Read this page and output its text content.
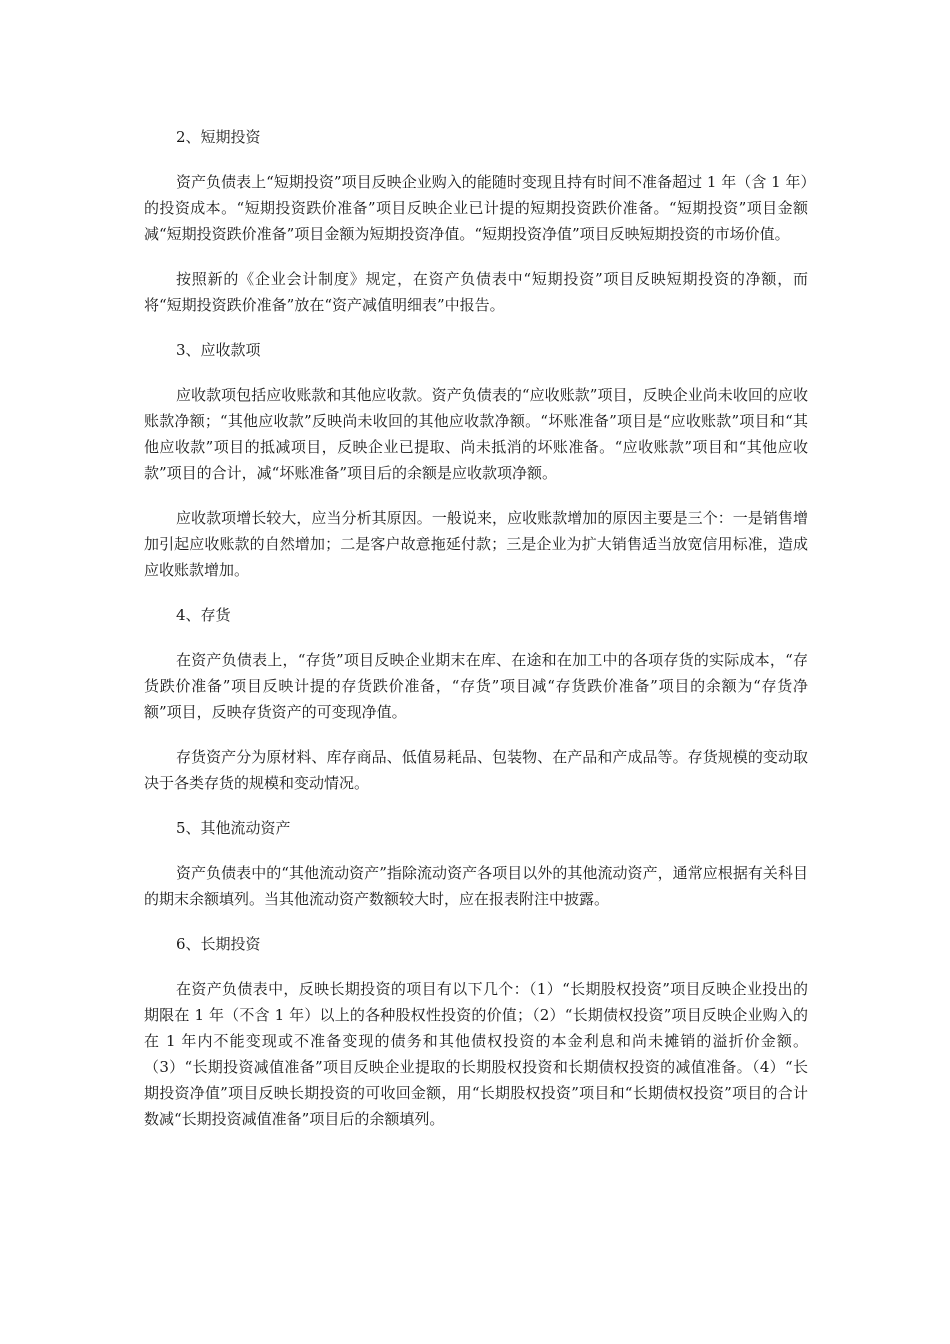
2、短期投资

资产负债表上“短期投资”项目反映企业购入的能随时变现且持有时间不准备超过 1 年（含 1 年）的投资成本。“短期投资跌价准备”项目反映企业已计提的短期投资跌价准备。“短期投资”项目金额减“短期投资跌价准备”项目金额为短期投资净值。“短期投资净值”项目反映短期投资的市场价值。

按照新的《企业会计制度》规定，在资产负债表中“短期投资”项目反映短期投资的净额，而将“短期投资跌价准备”放在“资产减值明细表”中报告。

3、应收款项

应收款项包括应收账款和其他应收款。资产负债表的“应收账款”项目，反映企业尚未收回的应收账款净额；“其他应收款”反映尚未收回的其他应收款净额。“坏账准备”项目是“应收账款”项目和“其他应收款”项目的抵减项目，反映企业已提取、尚未抵消的坏账准备。“应收账款”项目和“其他应收款”项目的合计，减“坏账准备”项目后的余额是应收款项净额。

应收款项增长较大，应当分析其原因。一般说来，应收账款增加的原因主要是三个：一是销售增加引起应收账款的自然增加；二是客户故意拖延付款；三是企业为扩大销售适当放宽信用标准，造成应收账款增加。

4、存货

在资产负债表上，“存货”项目反映企业期末在库、在途和在加工中的各项存货的实际成本，“存货跌价准备”项目反映计提的存货跌价准备，“存货”项目减“存货跌价准备”项目的余额为“存货净额”项目，反映存货资产的可变现净值。

存货资产分为原材料、库存商品、低值易耗品、包装物、在产品和产成品等。存货规模的变动取决于各类存货的规模和变动情况。

5、其他流动资产

资产负债表中的“其他流动资产”指除流动资产各项目以外的其他流动资产，通常应根据有关科目的期末余额填列。当其他流动资产数额较大时，应在报表附注中披露。

6、长期投资

在资产负债表中，反映长期投资的项目有以下几个：（1）“长期股权投资”项目反映企业投出的期限在 1 年（不含 1 年）以上的各种股权性投资的价值；（2）“长期债权投资”项目反映企业购入的在 1 年内不能变现或不准备变现的债务和其他债权投资的本金利息和尚未摊销的溢折价金额。（3）“长期投资减值准备”项目反映企业提取的长期股权投资和长期债权投资的减值准备。（4）“长期投资净值”项目反映长期投资的可收回金额，用“长期股权投资”项目和“长期债权投资”项目的合计数减“长期投资减值准备”项目后的余额填列。
